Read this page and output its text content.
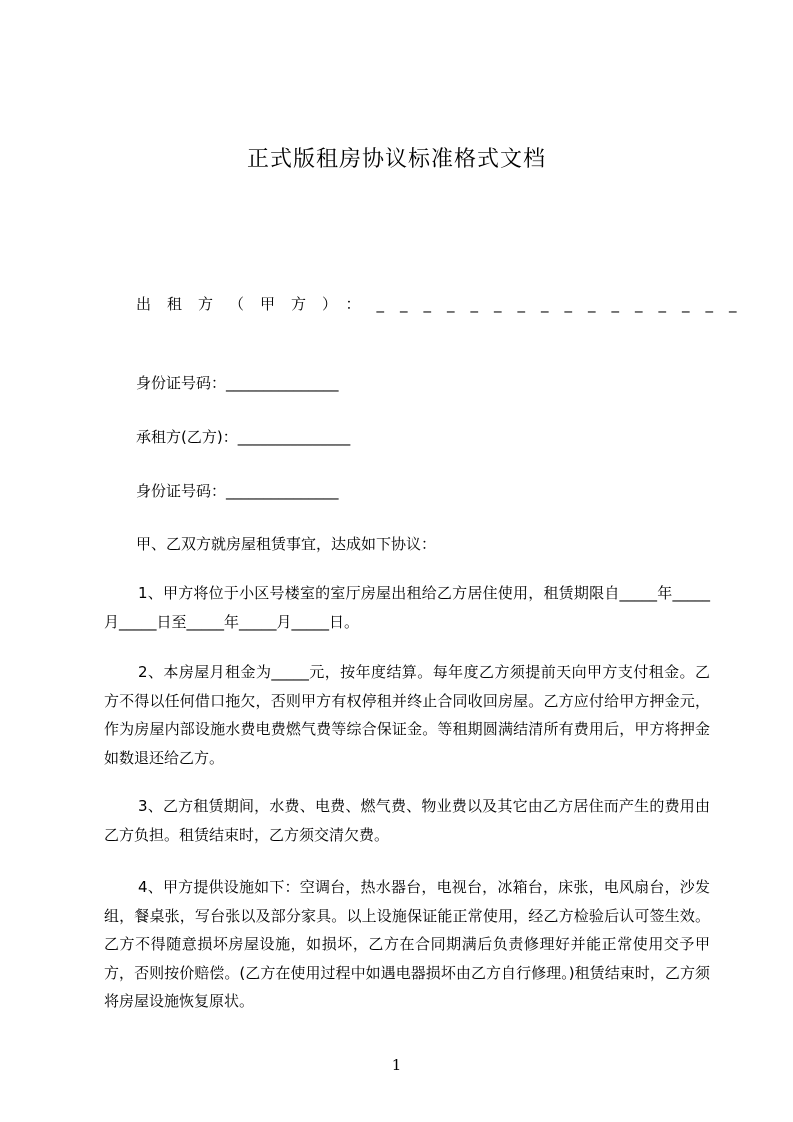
正式版租房协议标准格式文档
出租方（甲方）：________________
身份证号码：_______________
承租方(乙方)：_______________
身份证号码：_______________
甲、乙双方就房屋租赁事宜，达成如下协议：
1、甲方将位于小区号楼室的室厅房屋出租给乙方居住使用，租赁期限自_____年_____月_____日至_____年_____月_____日。
2、本房屋月租金为_____元，按年度结算。每年度乙方须提前天向甲方支付租金。乙方不得以任何借口拖欠，否则甲方有权停租并终止合同收回房屋。乙方应付给甲方押金元，作为房屋内部设施水费电费燃气费等综合保证金。等租期圆满结清所有费用后，甲方将押金如数退还给乙方。
3、乙方租赁期间，水费、电费、燃气费、物业费以及其它由乙方居住而产生的费用由乙方负担。租赁结束时，乙方须交清欠费。
4、甲方提供设施如下：空调台，热水器台，电视台，冰箱台，床张，电风扇台，沙发组，餐桌张，写台张以及部分家具。以上设施保证能正常使用，经乙方检验后认可签生效。乙方不得随意损坏房屋设施，如损坏，乙方在合同期满后负责修理好并能正常使用交予甲方，否则按价赔偿。(乙方在使用过程中如遇电器损坏由乙方自行修理。)租赁结束时，乙方须将房屋设施恢复原状。
1
